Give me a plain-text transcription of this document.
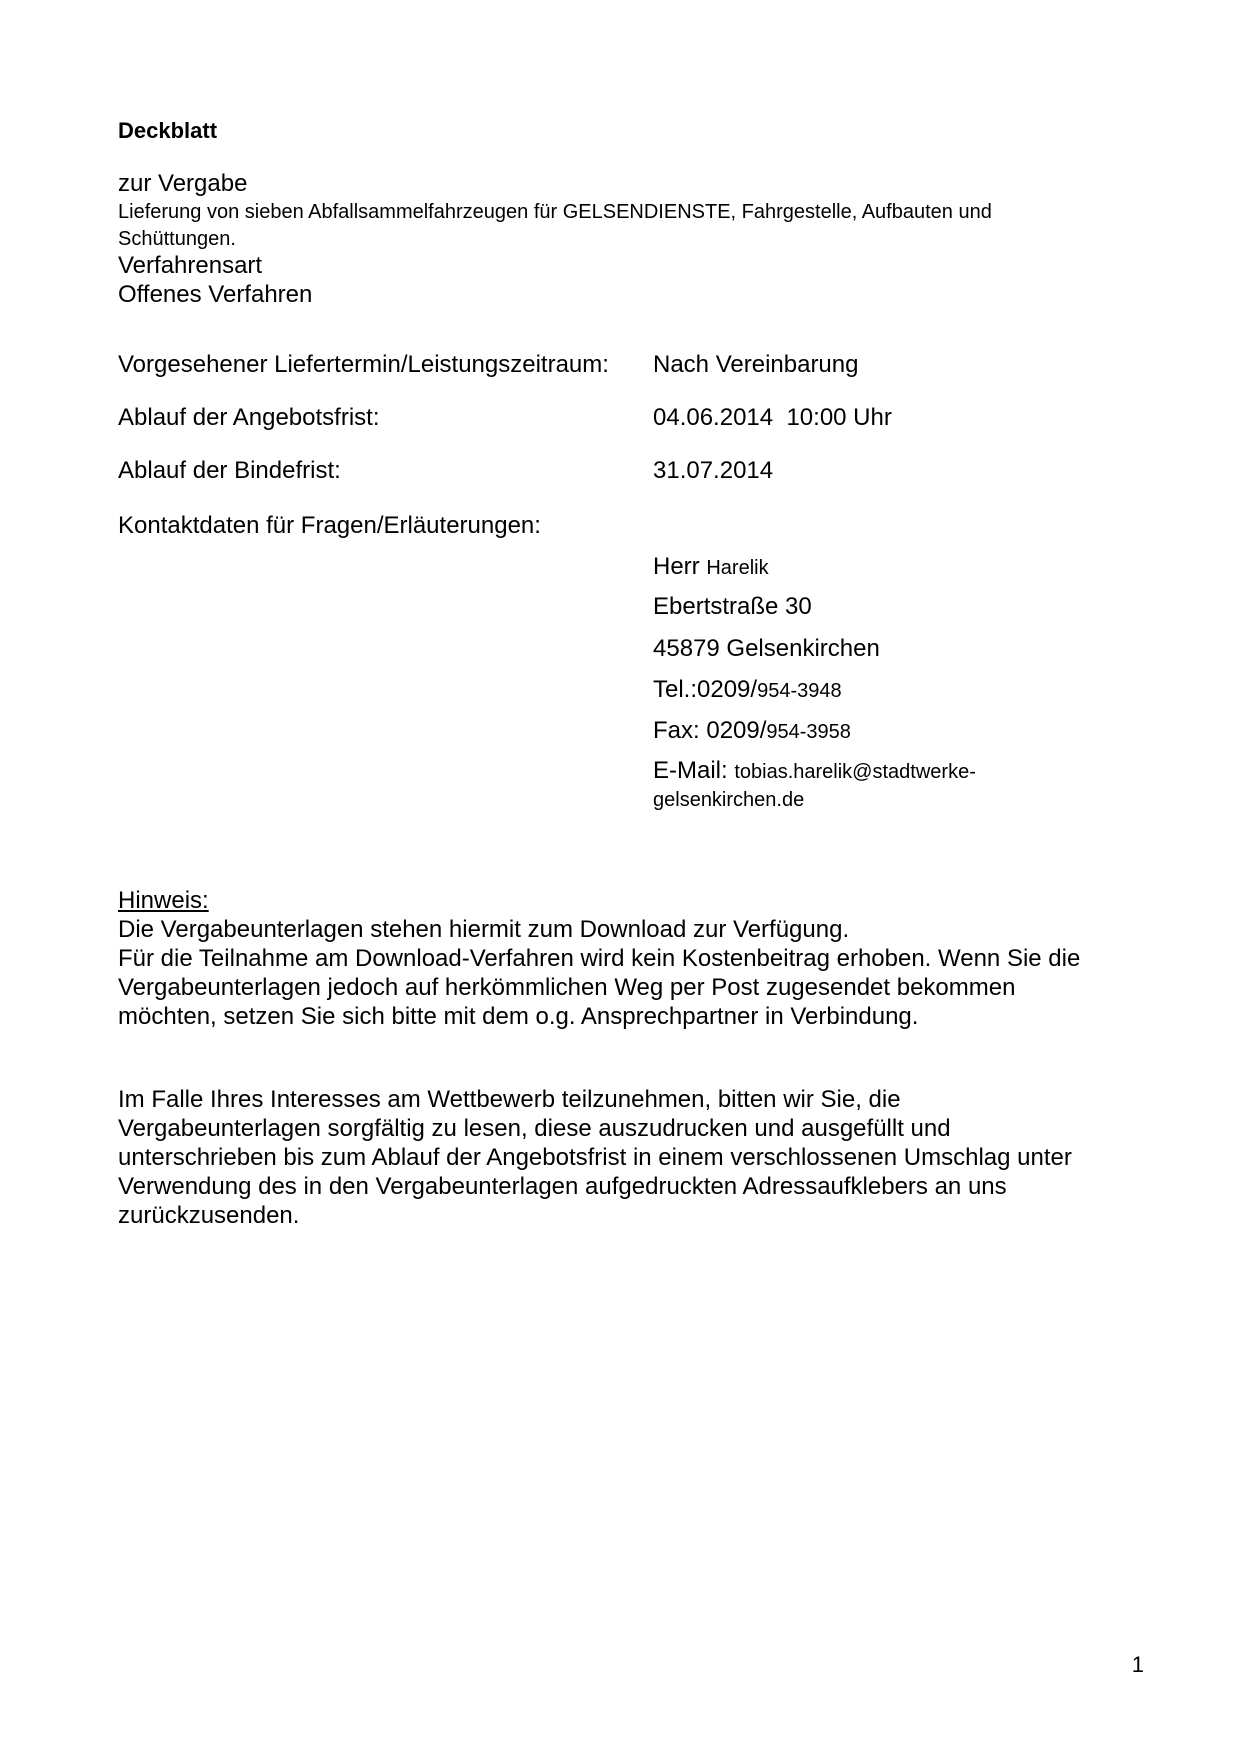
Deckblatt
zur Vergabe
Lieferung von sieben Abfallsammelfahrzeugen für GELSENDIENSTE, Fahrgestelle, Aufbauten und
Schüttungen.
Verfahrensart
Offenes Verfahren
Vorgesehener Liefertermin/Leistungszeitraum: Nach Vereinbarung
Ablauf der Angebotsfrist:	04.06.2014  10:00 Uhr
Ablauf der Bindefrist:	31.07.2014
Kontaktdaten für Fragen/Erläuterungen:
Herr Harelik
Ebertstraße 30
45879 Gelsenkirchen
Tel.:0209/954-3948
Fax: 0209/954-3958
E-Mail: tobias.harelik@stadtwerke-
gelsenkirchen.de
Hinweis:
Die Vergabeunterlagen stehen hiermit zum Download zur Verfügung.
Für die Teilnahme am Download-Verfahren wird kein Kostenbeitrag erhoben. Wenn Sie die
Vergabeunterlagen jedoch auf herkömmlichen Weg per Post zugesendet bekommen
möchten, setzen Sie sich bitte mit dem o.g. Ansprechpartner in Verbindung.
Im Falle Ihres Interesses am Wettbewerb teilzunehmen, bitten wir Sie, die
Vergabeunterlagen sorgfältig zu lesen, diese auszudrucken und ausgefüllt und
unterschrieben bis zum Ablauf der Angebotsfrist in einem verschlossenen Umschlag unter
Verwendung des in den Vergabeunterlagen aufgedruckten Adressaufklebers an uns
zurückzusenden.
1
